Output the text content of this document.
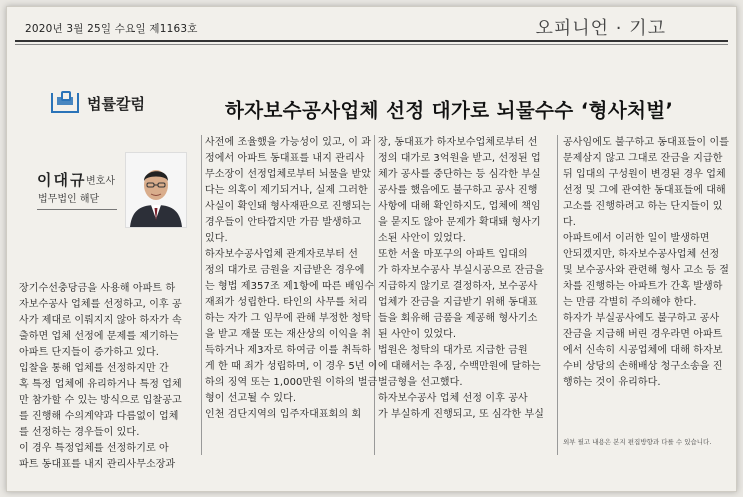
2020년 3월 25일 수요일 제1163호	오피니언 · 기고
법률칼럼	하자보수공사업체 선정 대가로 뇌물수수 ‘형사처벌’
이대규 변호사
법무법인 해닫

장기수선충당금을 사용해 아파트 하

자보수공사 업체를 선정하고, 이후 공

사가 제대로 이뤄지지 않아 하자가 속

출하면 업체 선정에 문제를 제기하는

아파트 단지들이 증가하고 있다.

입찰을 통해 업체를 선정하지만 간

혹 특정 업체에 유리하거나 특정 업체

만 참가할 수 있는 방식으로 입찰공고

를 진행해 수의계약과 다름없이 업체

를 선정하는 경우들이 있다.

이 경우 특정업체를 선정하기로 아

파트 동대표를 내지 관리사무소장과

사전에 조율했을 가능성이 있고, 이 과

정에서 아파트 동대표를 내지 관리사

무소장이 선정업체로부터 뇌물을 받았

다는 의혹이 제기되거나, 실제 그러한

사실이 확인돼 형사재판으로 진행되는

경우들이 안타깝지만 가끔 발생하고

있다.

하자보수공사업체 관계자로부터 선

정의 대가로 금원을 지급받은 경우에

는 형법 제357조 제1항에 따른 배임수

재죄가 성립한다. 타인의 사무를 처리

하는 자가 그 임무에 관해 부정한 청탁

을 받고 재물 또는 재산상의 이익을 취

득하거나 제3자로 하여금 이를 취득하

게 한 때 죄가 성립하며, 이 경우 5년 이

하의 징역 또는 1,000만원 이하의 벌금

형이 선고될 수 있다.

인천 검단지역의 입주자대표회의 회

장, 동대표가 하자보수업체로부터 선

정의 대가로 3억원을 받고, 선정된 업

체가 공사를 중단하는 등 심각한 부실

공사를 했음에도 불구하고 공사 진행

사항에 대해 확인하지도, 업체에 책임

을 묻지도 않아 문제가 확대돼 형사기

소된 사안이 있었다.

또한 서울 마포구의 아파트 입대의

가 하자보수공사 부실시공으로 잔금을

지급하지 않기로 결정하자, 보수공사

업체가 잔금을 지급받기 위해 동대표

들을 회유해 금품을 제공해 형사기소

된 사안이 있었다.

법원은 청탁의 대가로 지급한 금원

에 대해서는 추징, 수백만원에 달하는

벌금형을 선고했다.

하자보수공사 업체 선정 이후 공사

가 부실하게 진행되고, 또 심각한 부실

공사임에도 불구하고 동대표들이 이를

문제삼지 않고 그대로 잔금을 지급한

뒤 입대의 구성원이 변경된 경우 업체

선정 및 그에 관여한 동대표들에 대해

고소를 진행하려고 하는 단지들이 있

다.

아파트에서 이러한 일이 발생하면

안되겠지만, 하자보수공사업체 선정

및 보수공사와 관련해 형사 고소 등 절

차를 진행하는 아파트가 간혹 발생하

는 만큼 각별히 주의해야 한다.

하자가 부실공사에도 불구하고 공사

잔금을 지급해 버린 경우라면 아파트

에서 신속히 시공업체에 대해 하자보

수비 상당의 손해배상 청구소송을 진

행하는 것이 유리하다.

외부 필고 내용은 본지 편집방향과 다를 수 있습니다.
